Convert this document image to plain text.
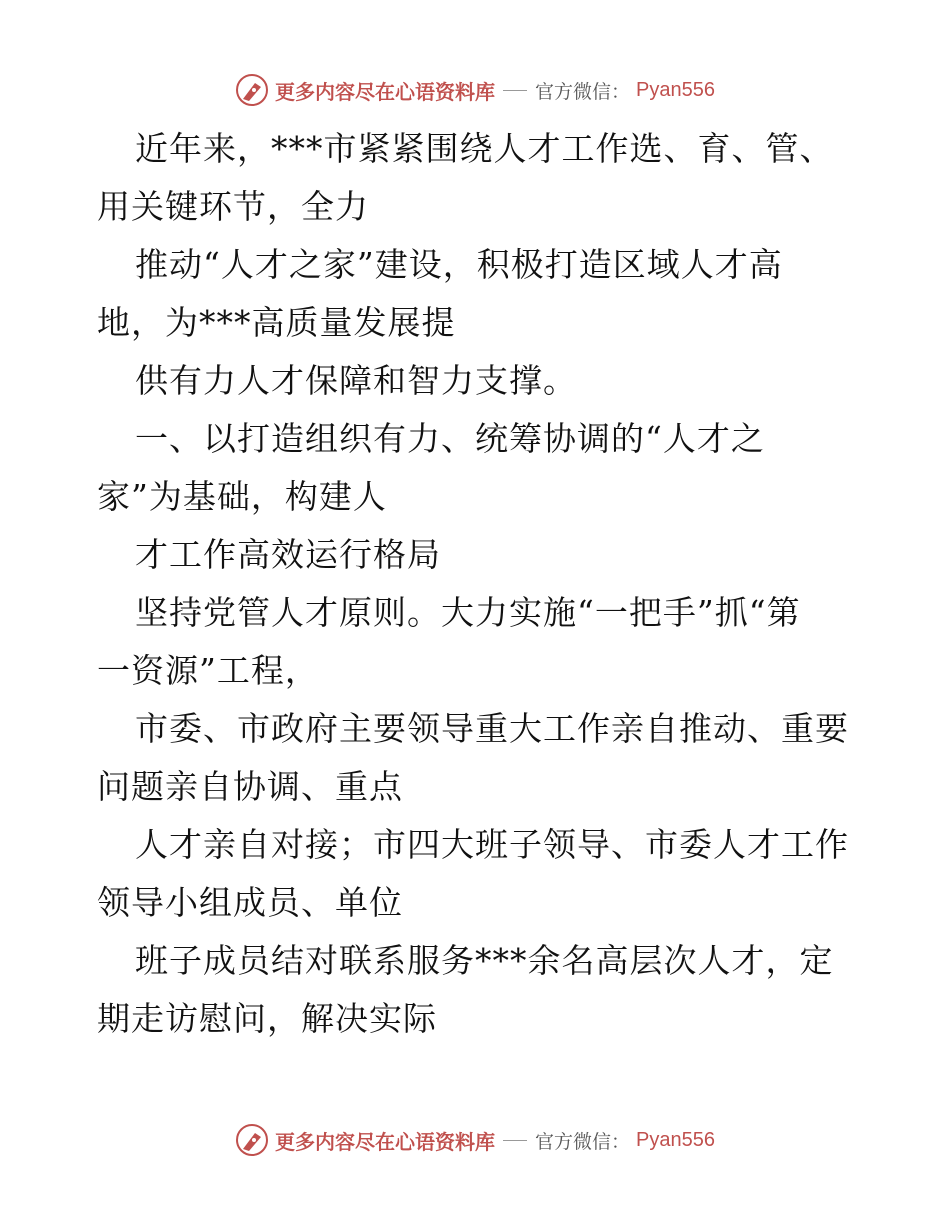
更多内容尽在心语资料库 官方微信： Pyan556
近年来，***市紧紧围绕人才工作选、育、管、
用关键环节，全力
推动“人才之家”建设，积极打造区域人才高
地，为***高质量发展提
供有力人才保障和智力支撑。
一、以打造组织有力、统筹协调的“人才之
家”为基础，构建人
才工作高效运行格局
坚持党管人才原则。大力实施“一把手”抓“第
一资源”工程，
市委、市政府主要领导重大工作亲自推动、重要
问题亲自协调、重点
人才亲自对接；市四大班子领导、市委人才工作
领导小组成员、单位
班子成员结对联系服务***余名高层次人才，定
期走访慰问，解决实际
更多内容尽在心语资料库 官方微信： Pyan556
